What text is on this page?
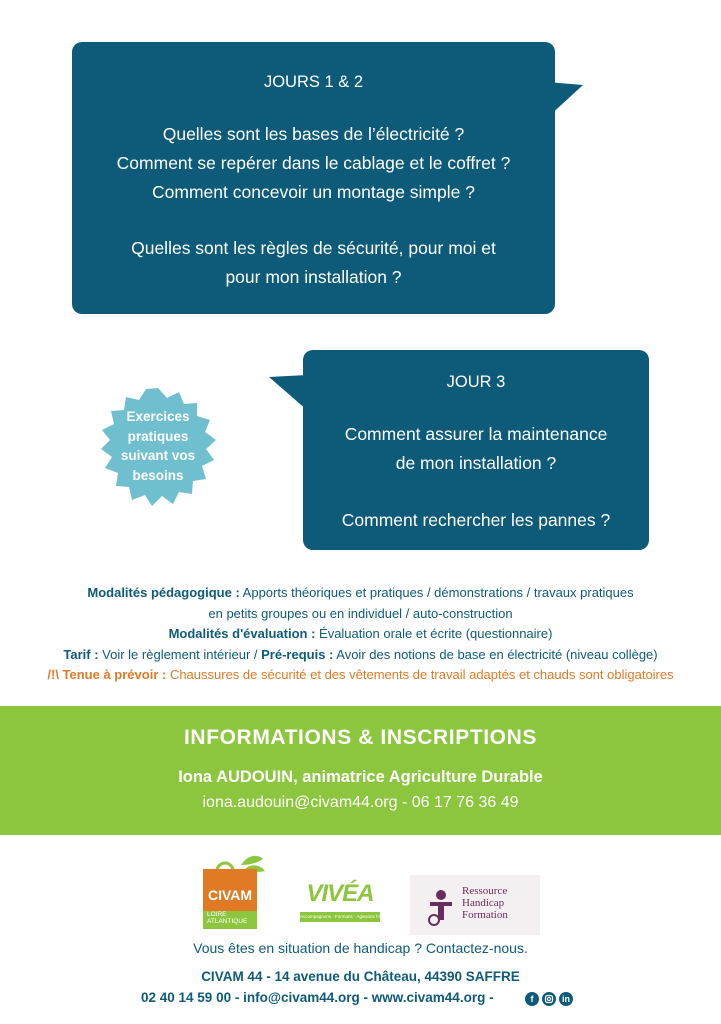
JOURS 1 & 2

Quelles sont les bases de l’électricité ?

Comment se repérer dans le cablage et le coffret ?

Comment concevoir un montage simple ?

Quelles sont les règles de sécurité, pour moi et

pour mon installation ?

JOUR 3

Comment assurer la maintenance

de mon installation ?

Comment rechercher les pannes ?

Exercices
pratiques
suivant vos
besoins
Modalités pédagogique : Apports théoriques et pratiques / démonstrations / travaux pratiques
en petits groupes ou en individuel / auto-construction
Modalités d'évaluation : Évaluation orale et écrite (questionnaire)
Tarif : Voir le règlement intérieur / Pré-requis : Avoir des notions de base en électricité (niveau collège)
/!\ Tenue à prévoir : Chaussures de sécurité et des vêtements de travail adaptés et chauds sont obligatoires
INFORMATIONS & INSCRIPTIONS
Iona AUDOUIN, animatrice Agriculture Durable
iona.audouin@civam44.org - 06 17 76 36 49
CIVAM
LOIRE
ATLANTIQUE
VIVÉA
Accompagnons · Formons · Agissons l'Avenir
Ressource
Handicap
Formation
Vous êtes en situation de handicap ? Contactez-nous.
CIVAM 44 - 14 avenue du Château, 44390 SAFFRE
02 40 14 59 00 - info@civam44.org - www.civam44.org -	f	in
